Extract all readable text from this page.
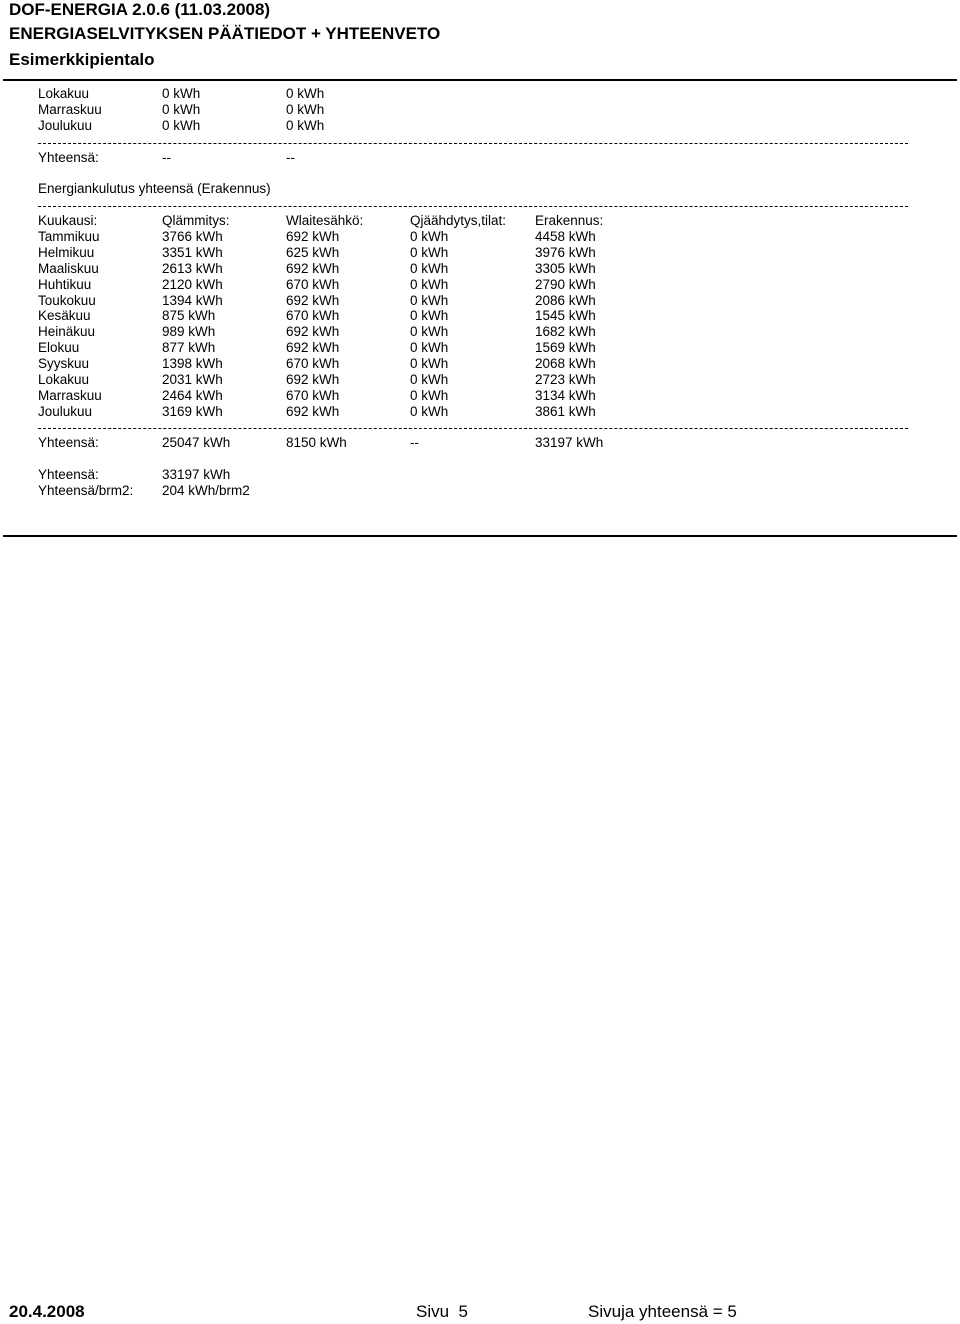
DOF-ENERGIA 2.0.6 (11.03.2008)
ENERGIASELVITYKSEN PÄÄTIEDOT + YHTEENVETO
Esimerkkipientalo
Lokakuu	0 kWh	0 kWh
Marraskuu	0 kWh	0 kWh
Joulukuu	0 kWh	0 kWh
Yhteensä:	--	--
Energiankulutus yhteensä (Erakennus)
Kuukausi:	Qlämmitys:	Wlaitesähkö:	Qjäähdytys,tilat: Erakennus:
Tammikuu	3766 kWh	692 kWh	0 kWh	4458 kWh
Helmikuu	3351 kWh	625 kWh	0 kWh	3976 kWh
Maaliskuu	2613 kWh	692 kWh	0 kWh	3305 kWh
Huhtikuu	2120 kWh	670 kWh	0 kWh	2790 kWh
Toukokuu	1394 kWh	692 kWh	0 kWh	2086 kWh
Kesäkuu	875 kWh	670 kWh	0 kWh	1545 kWh
Heinäkuu	989 kWh	692 kWh	0 kWh	1682 kWh
Elokuu	877 kWh	692 kWh	0 kWh	1569 kWh
Syyskuu	1398 kWh	670 kWh	0 kWh	2068 kWh
Lokakuu	2031 kWh	692 kWh	0 kWh	2723 kWh
Marraskuu	2464 kWh	670 kWh	0 kWh	3134 kWh
Joulukuu	3169 kWh	692 kWh	0 kWh	3861 kWh
Yhteensä:	25047 kWh	8150 kWh	--	33197 kWh
Yhteensä:	33197 kWh
Yhteensä/brm2: 204 kWh/brm2
20.4.2008	Sivu  5	Sivuja yhteensä = 5
